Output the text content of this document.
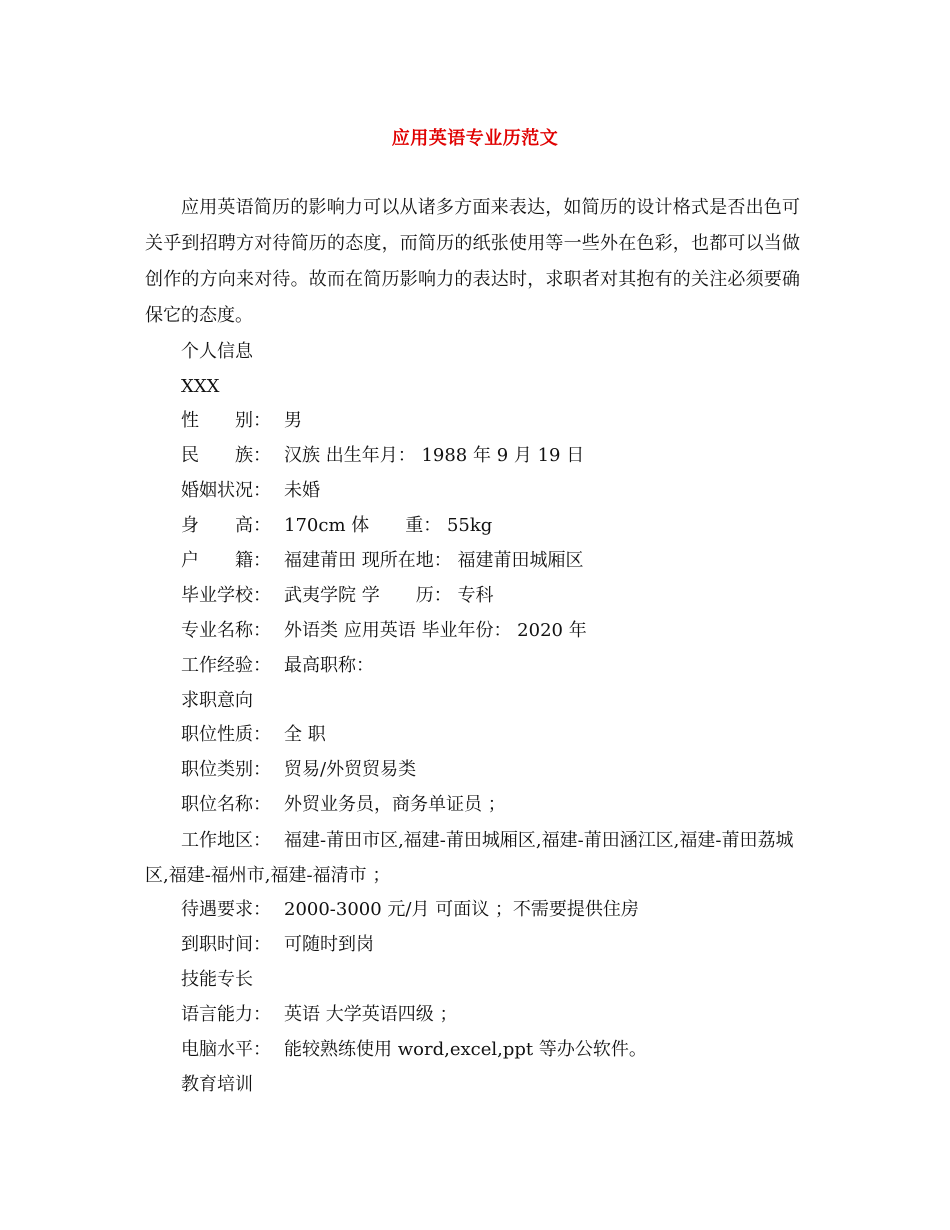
应用英语专业历范文

应用英语简历的影响力可以从诸多方面来表达，如简历的设计格式是否出色可关乎到招聘方对待简历的态度，而简历的纸张使用等一些外在色彩，也都可以当做创作的方向来对待。故而在简历影响力的表达时，求职者对其抱有的关注必须要确保它的态度。

个人信息
XXX
性　　别： 男
民　　族： 汉族 出生年月： 1988 年 9 月 19 日
婚姻状况： 未婚
身　　高： 170cm 体　　重： 55kg
户　　籍： 福建莆田 现所在地： 福建莆田城厢区
毕业学校： 武夷学院 学　　历： 专科
专业名称： 外语类 应用英语 毕业年份： 2020 年
工作经验： 最高职称：
求职意向
职位性质： 全 职
职位类别： 贸易/外贸贸易类
职位名称： 外贸业务员，商务单证员 ；

工作地区： 福建-莆田市区,福建-莆田城厢区,福建-莆田涵江区,福建-莆田荔城区,福建-福州市,福建-福清市 ；

待遇要求： 2000-3000 元/月 可面议 ；不需要提供住房
到职时间： 可随时到岗
技能专长
语言能力： 英语 大学英语四级 ；
电脑水平： 能较熟练使用 word,excel,ppt 等办公软件。
教育培训
